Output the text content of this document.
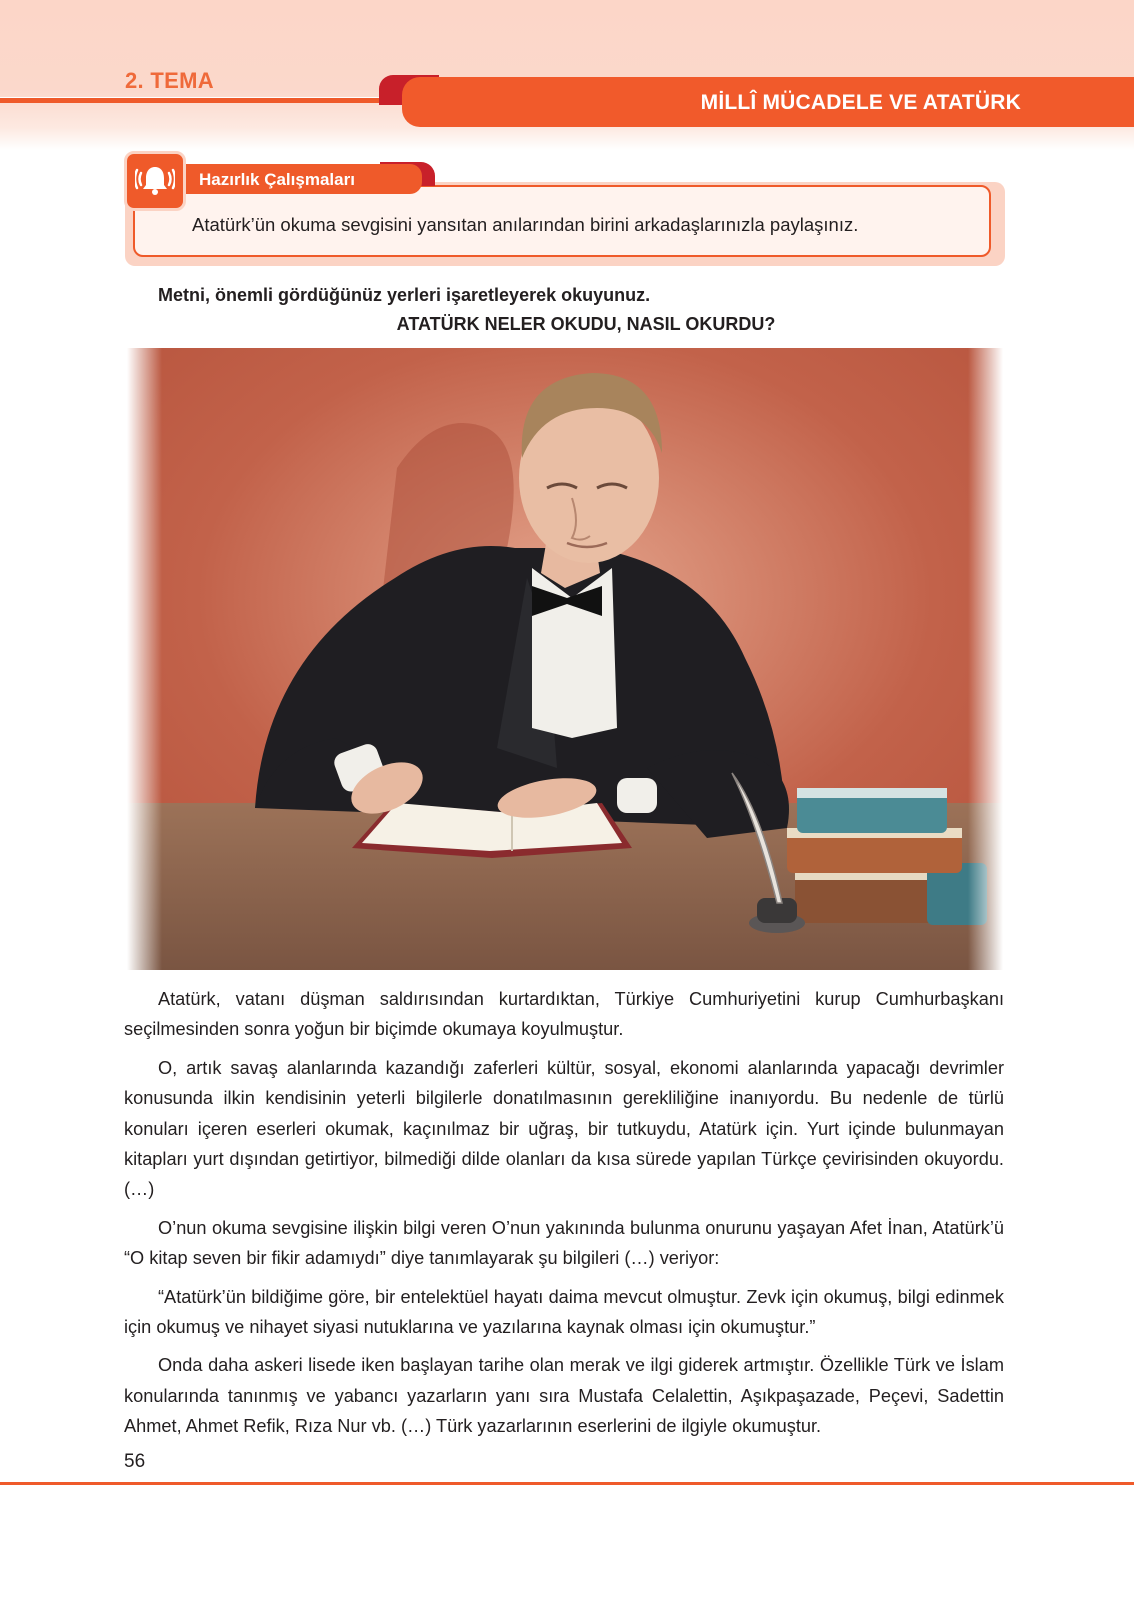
2. TEMA
MİLLÎ MÜCADELE VE ATATÜRK
Atatürk’ün okuma sevgisini yansıtan anılarından birini arkadaşlarınızla paylaşınız.
Hazırlık Çalışmaları
Metni, önemli gördüğünüz yerleri işaretleyerek okuyunuz.
ATATÜRK NELER OKUDU, NASIL OKURDU?

Atatürk, vatanı düşman saldırısından kurtardıktan, Türkiye Cumhuriyetini kurup Cumhurbaşkanı seçilmesinden sonra yoğun bir biçimde okumaya koyulmuştur.

O, artık savaş alanlarında kazandığı zaferleri kültür, sosyal, ekonomi alanlarında yapacağı devrimler konusunda ilkin kendisinin yeterli bilgilerle donatılmasının gerekliliğine inanıyordu. Bu nedenle de türlü konuları içeren eserleri okumak, kaçınılmaz bir uğraş, bir tutkuydu, Atatürk için. Yurt içinde bulunmayan kitapları yurt dışından getirtiyor, bilmediği dilde olanları da kısa sürede yapılan Türkçe çevirisinden okuyordu. (…)

O’nun okuma sevgisine ilişkin bilgi veren O’nun yakınında bulunma onurunu yaşayan Afet İnan, Atatürk’ü “O kitap seven bir fikir adamıydı” diye tanımlayarak şu bilgileri (…) veriyor:

“Atatürk’ün bildiğime göre, bir entelektüel hayatı daima mevcut olmuştur. Zevk için okumuş, bilgi edinmek için okumuş ve nihayet siyasi nutuklarına ve yazılarına kaynak olması için okumuştur.”

Onda daha askeri lisede iken başlayan tarihe olan merak ve ilgi giderek artmıştır. Özellikle Türk ve İslam konularında tanınmış ve yabancı yazarların yanı sıra Mustafa Celalettin, Aşıkpaşazade, Peçevi, Sadettin Ahmet, Ahmet Refik, Rıza Nur vb. (…) Türk yazarlarının eserlerini de ilgiyle okumuştur.

56
